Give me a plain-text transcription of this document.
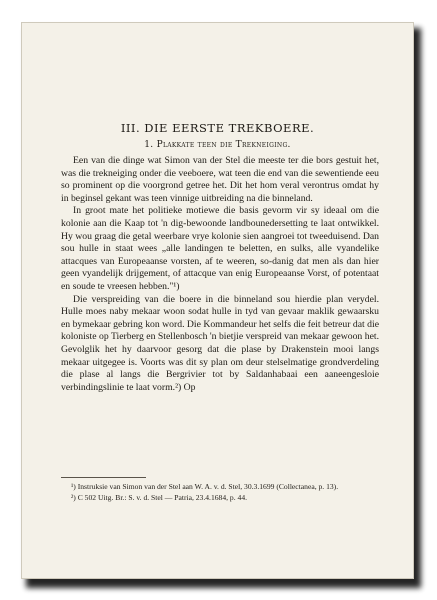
III. DIE EERSTE TREKBOERE.
1. Plakkate teen die Trekneiging.

Een van die dinge wat Simon van der Stel die meeste ter die bors gestuit het, was die trekneiging onder die veeboere, wat teen die end van die sewentiende eeu so prominent op die voorgrond getree het. Dit het hom veral verontrus omdat hy in beginsel gekant was teen vinnige uitbreiding na die binneland.

In groot mate het politieke motiewe die basis gevorm vir sy ideaal om die kolonie aan die Kaap tot 'n dig-bewoonde landbounedersetting te laat ontwikkel. Hy wou graag die getal weerbare vrye kolonie sien aangroei tot tweeduisend. Dan sou hulle in staat wees „alle landingen te beletten, en sulks, alle vyandelike attacques van Europeaanse vorsten, af te weeren, so-danig dat men als dan hier geen vyandelijk drijgement, of attacque van enig Europeaanse Vorst, of potentaat en soude te vreesen hebben."¹)

Die verspreiding van die boere in die binneland sou hierdie plan verydel. Hulle moes naby mekaar woon sodat hulle in tyd van gevaar maklik gewaarsku en bymekaar gebring kon word. Die Kommandeur het selfs die feit betreur dat die koloniste op Tierberg en Stellenbosch 'n bietjie verspreid van mekaar gewoon het. Gevolglik het hy daarvoor gesorg dat die plase by Drakenstein mooi langs mekaar uitgegee is. Voorts was dit sy plan om deur stelselmatige grondverdeling die plase al langs die Bergrivier tot by Saldanhabaai een aaneengesloie verbindingslinie te laat vorm.²) Op

¹) Instruksie van Simon van der Stel aan W. A. v. d. Stel, 30.3.1699 (Collectanea, p. 13).

²) C 502 Uitg. Br.: S. v. d. Stel — Patria, 23.4.1684, p. 44.
